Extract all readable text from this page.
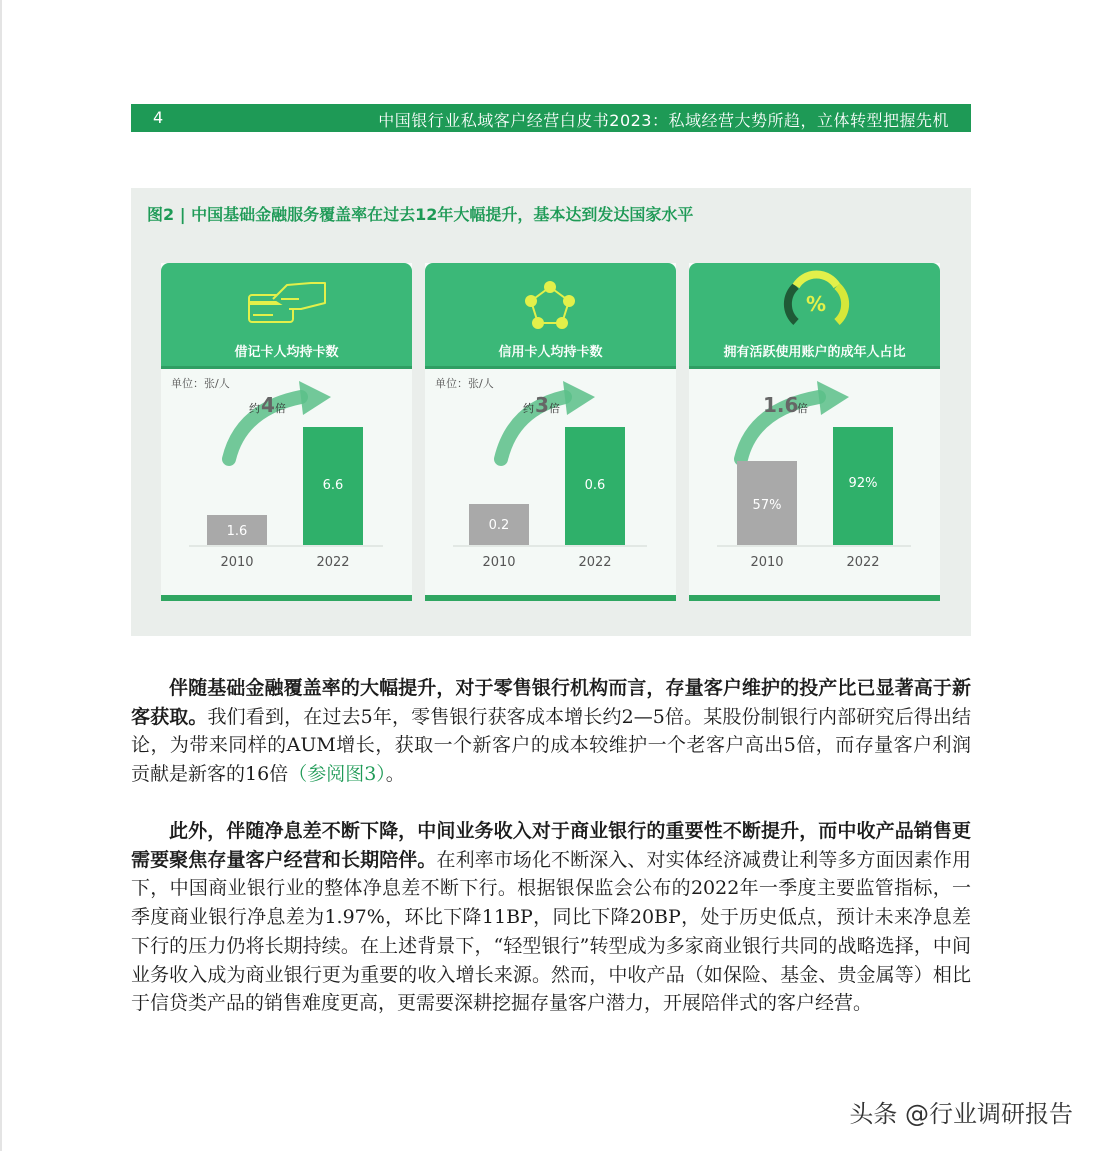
4	中国银行业私域客户经营白皮书2023：私域经营大势所趋，立体转型把握先机
图2 | 中国基础金融服务覆盖率在过去12年大幅提升，基本达到发达国家水平
借记卡人均持卡数
单位：张/人
约 4 倍
1.6
6.6
2010	2022
信用卡人均持卡数
单位：张/人
约 3 倍
0.2
0.6
2010	2022
%
拥有活跃使用账户的成年人占比
1.6
倍
57%
92%
2010	2022
伴随基础金融覆盖率的大幅提升，对于零售银行机构而言，存量客户维护的投产比已显著高于新客获取。我们看到，在过去5年，零售银行获客成本增长约2—5倍。某股份制银行内部研究后得出结论，为带来同样的AUM增长，获取一个新客户的成本较维护一个老客户高出5倍，而存量客户利润贡献是新客的16倍（参阅图3）。
此外，伴随净息差不断下降，中间业务收入对于商业银行的重要性不断提升，而中收产品销售更需要聚焦存量客户经营和长期陪伴。在利率市场化不断深入、对实体经济减费让利等多方面因素作用下，中国商业银行业的整体净息差不断下行。根据银保监会公布的2022年一季度主要监管指标，一季度商业银行净息差为1.97%，环比下降11BP，同比下降20BP，处于历史低点，预计未来净息差下行的压力仍将长期持续。在上述背景下，“轻型银行”转型成为多家商业银行共同的战略选择，中间业务收入成为商业银行更为重要的收入增长来源。然而，中收产品（如保险、基金、贵金属等）相比于信贷类产品的销售难度更高，更需要深耕挖掘存量客户潜力，开展陪伴式的客户经营。
头条 @行业调研报告
